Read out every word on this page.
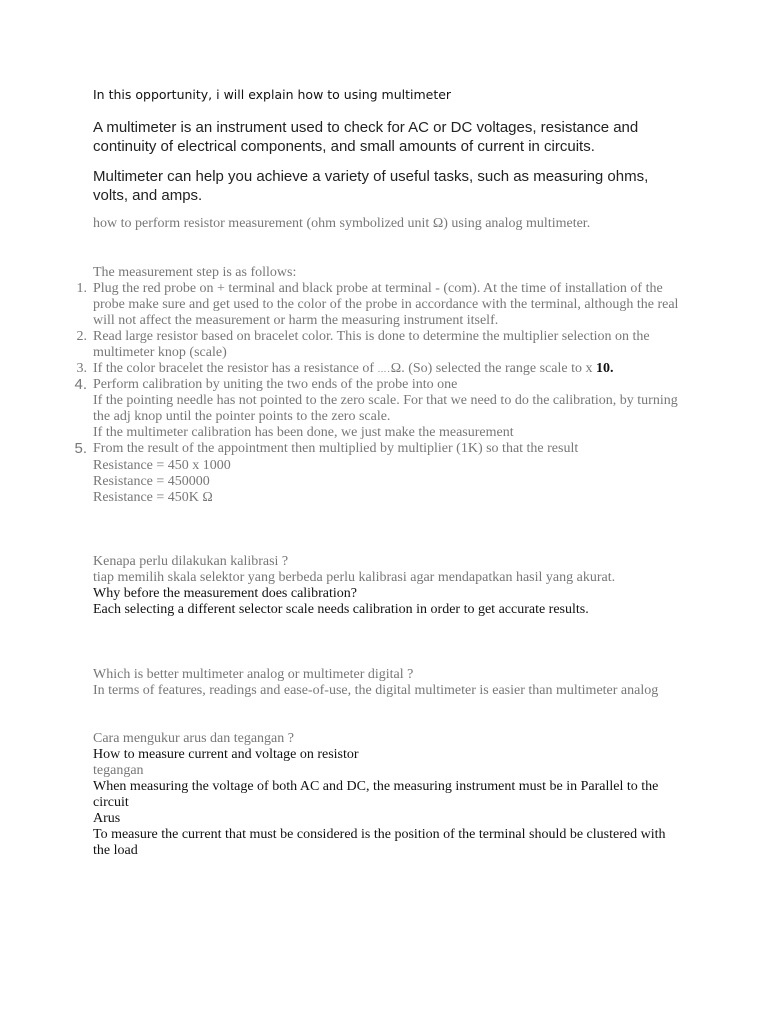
In this opportunity, i will explain how to using multimeter
A multimeter is an instrument used to check for AC or DC voltages, resistance and continuity of electrical components, and small amounts of current in circuits.
Multimeter can help you achieve a variety of useful tasks, such as measuring ohms, volts, and amps.
how to perform resistor measurement (ohm symbolized unit Ω) using analog multimeter.
The measurement step is as follows:
1. Plug the red probe on + terminal and black probe at terminal - (com). At the time of installation of the probe make sure and get used to the color of the probe in accordance with the terminal, although the real will not affect the measurement or harm the measuring instrument itself.
2. Read large resistor based on bracelet color. This is done to determine the multiplier selection on the multimeter knop (scale)
3. If the color bracelet the resistor has a resistance of ….Ω. (So) selected the range scale to x 10.
4. Perform calibration by uniting the two ends of the probe into one
If the pointing needle has not pointed to the zero scale. For that we need to do the calibration, by turning the adj knop until the pointer points to the zero scale.
If the multimeter calibration has been done, we just make the measurement
5. From the result of the appointment then multiplied by multiplier (1K) so that the result
Resistance = 450 x 1000
Resistance = 450000
Resistance = 450K Ω
Kenapa perlu dilakukan kalibrasi ?
tiap memilih skala selektor yang berbeda perlu kalibrasi agar mendapatkan hasil yang akurat.
Why before the measurement does calibration?
Each selecting a different selector scale needs calibration in order to get accurate results.
Which is better multimeter analog or multimeter digital ?
In terms of features, readings and ease-of-use, the digital multimeter is easier than multimeter analog
Cara mengukur arus dan tegangan ?
How to measure current and voltage on resistor
tegangan
When measuring the voltage of both AC and DC, the measuring instrument must be in Parallel to the circuit
Arus
To measure the current that must be considered is the position of the terminal should be clustered with the load
